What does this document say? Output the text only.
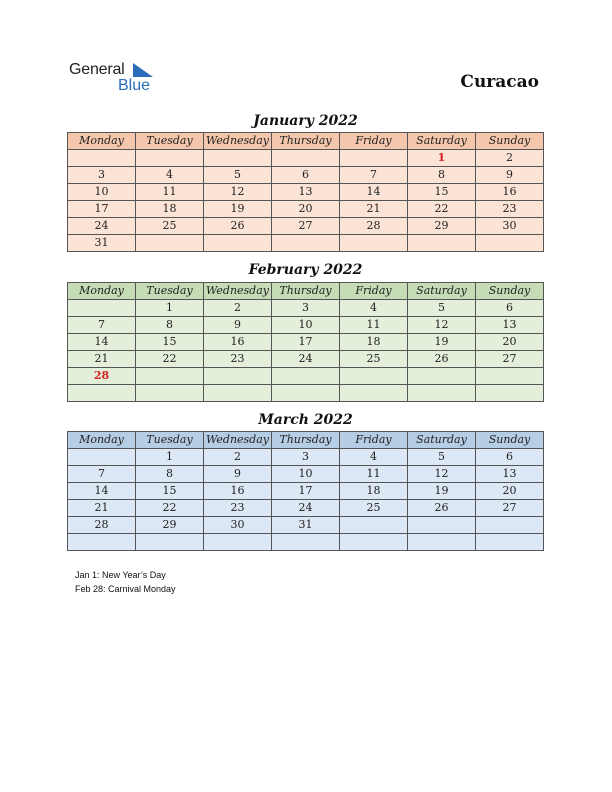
General
Blue	Curacao
January 2022
Monday	Tuesday	Wednesday	Thursday	Friday	Saturday	Sunday
					1	2
3	4	5	6	7	8	9
10	11	12	13	14	15	16
17	18	19	20	21	22	23
24	25	26	27	28	29	30
31						
February 2022
Monday	Tuesday	Wednesday	Thursday	Friday	Saturday	Sunday
	1	2	3	4	5	6
7	8	9	10	11	12	13
14	15	16	17	18	19	20
21	22	23	24	25	26	27
28						

March 2022
Monday	Tuesday	Wednesday	Thursday	Friday	Saturday	Sunday
	1	2	3	4	5	6
7	8	9	10	11	12	13
14	15	16	17	18	19	20
21	22	23	24	25	26	27
28	29	30	31			

Jan 1: New Year’s Day
Feb 28: Carnival Monday
